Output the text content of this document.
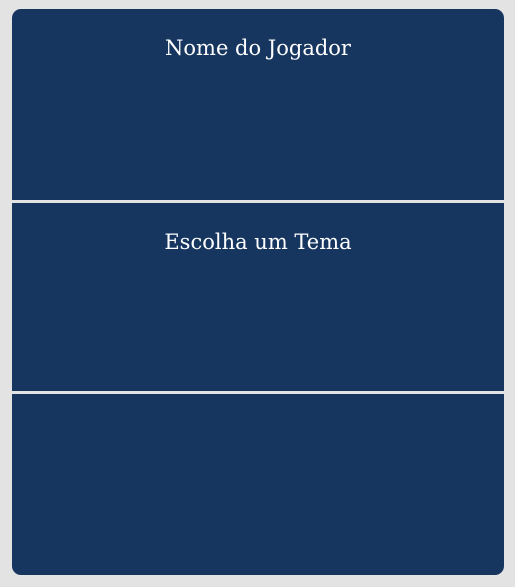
Nome do Jogador
Escolha um Tema
